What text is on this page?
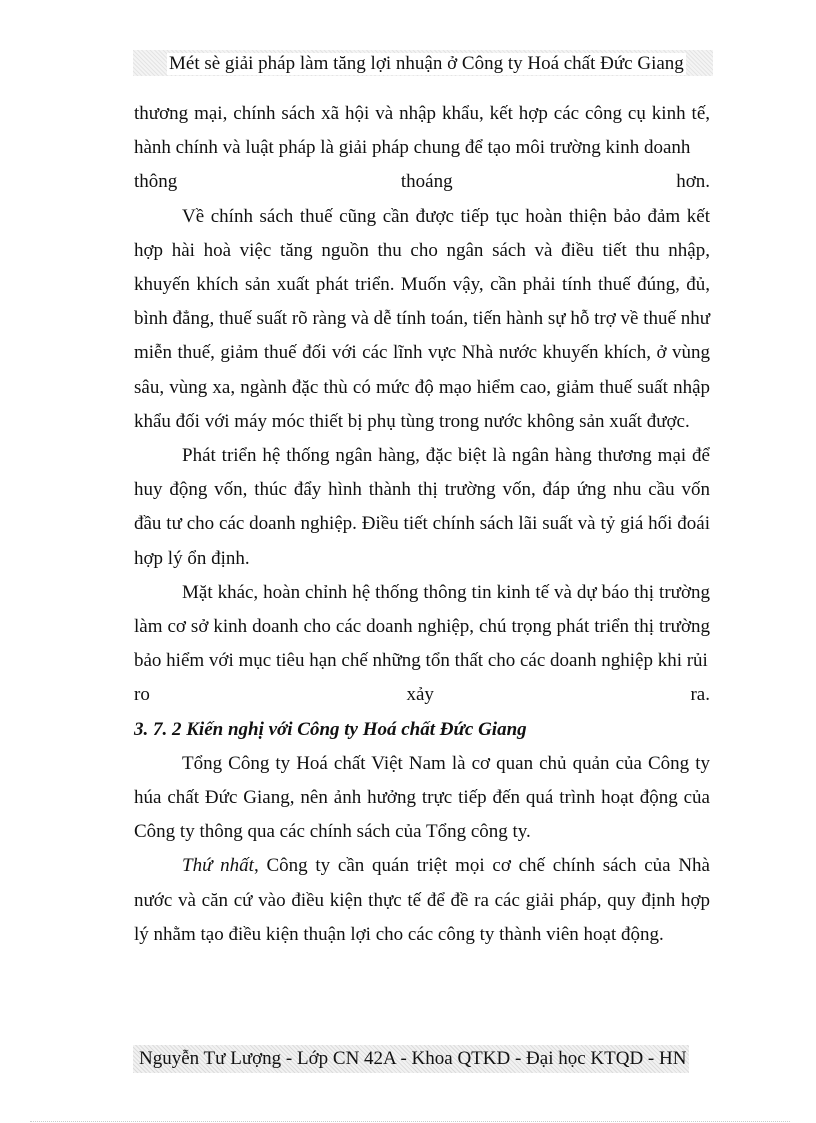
Mét sè giải pháp làm tăng lợi nhuận ở Công ty Hoá chất Đức Giang

thương mại, chính sách xã hội và nhập khẩu, kết hợp các công cụ kinh tế, hành chính và luật pháp là giải pháp chung để tạo môi trường kinh doanh

thông	thoáng	hơn.

Về chính sách thuế cũng cần được tiếp tục hoàn thiện bảo đảm kết hợp hài hoà việc tăng nguồn thu cho ngân sách và điều tiết thu nhập, khuyến khích sản xuất phát triển. Muốn vậy, cần phải tính thuế đúng, đủ, bình đẳng, thuế suất rõ ràng và dễ tính toán, tiến hành sự hỗ trợ về thuế như miễn thuế, giảm thuế đối với các lĩnh vực Nhà nước khuyến khích, ở vùng sâu, vùng xa, ngành đặc thù có mức độ mạo hiểm cao, giảm thuế suất nhập khẩu đối với máy móc thiết bị phụ tùng trong nước không sản xuất được.

Phát triển hệ thống ngân hàng, đặc biệt là ngân hàng thương mại để huy động vốn, thúc đẩy hình thành thị trường vốn, đáp ứng nhu cầu vốn đầu tư cho các doanh nghiệp. Điều tiết chính sách lãi suất và tỷ giá hối đoái hợp lý ổn định.

Mặt khác, hoàn chỉnh hệ thống thông tin kinh tế và dự báo thị trường làm cơ sở kinh doanh cho các doanh nghiệp, chú trọng phát triển thị trường bảo hiểm với mục tiêu hạn chế những tổn thất cho các doanh nghiệp khi rủi

ro	xảy	ra.

3. 7. 2 Kiến nghị với Công ty Hoá chất Đức Giang

Tổng Công ty Hoá chất Việt Nam là cơ quan chủ quản của Công ty húa chất Đức Giang, nên ảnh hưởng trực tiếp đến quá trình hoạt động của Công ty thông qua các chính sách của Tổng công ty.

Thứ nhất, Công ty cần quán triệt mọi cơ chế chính sách của Nhà nước và căn cứ vào điều kiện thực tế để đề ra các giải pháp, quy định hợp lý nhằm tạo điều kiện thuận lợi cho các công ty thành viên hoạt động.

Nguyễn Tư Lượng - Lớp CN 42A - Khoa QTKD - Đại học KTQD - HN
